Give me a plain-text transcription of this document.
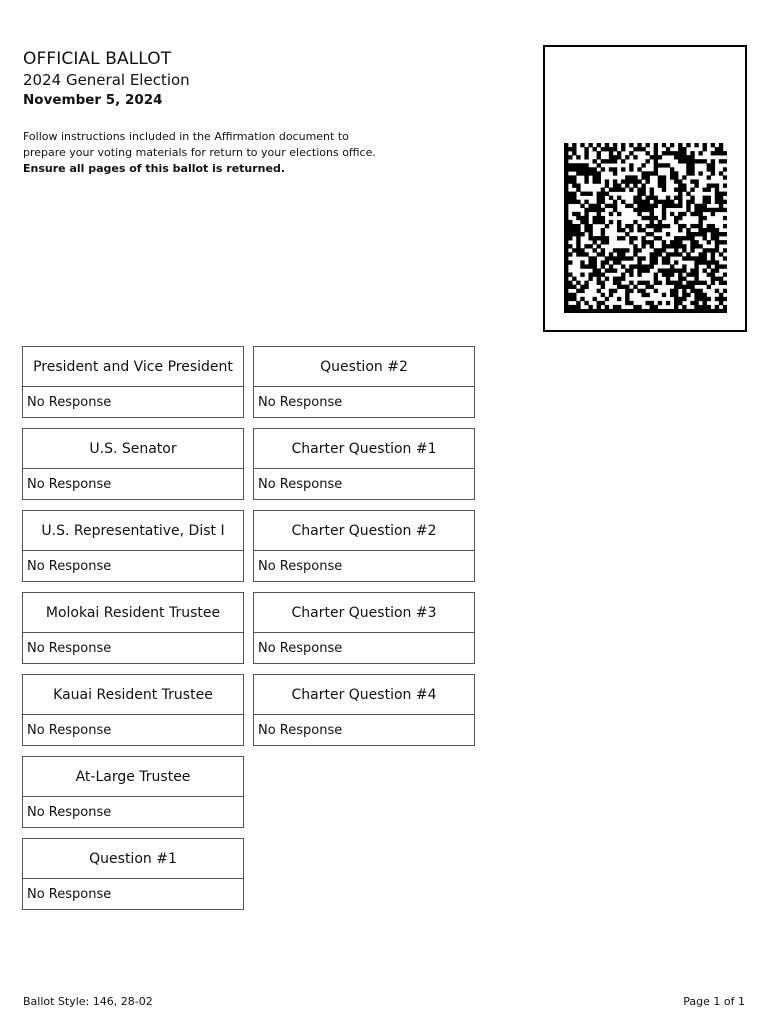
OFFICIAL BALLOT
2024 General Election
November 5, 2024
Follow instructions included in the Affirmation document to prepare your voting materials for return to your elections office. Ensure all pages of this ballot is returned.
President and Vice President
No Response
U.S. Senator
No Response
U.S. Representative, Dist I
No Response
Molokai Resident Trustee
No Response
Kauai Resident Trustee
No Response
At-Large Trustee
No Response
Question #1
No Response
Question #2
No Response
Charter Question #1
No Response
Charter Question #2
No Response
Charter Question #3
No Response
Charter Question #4
No Response
Ballot Style: 146, 28-02	Page 1 of 1
